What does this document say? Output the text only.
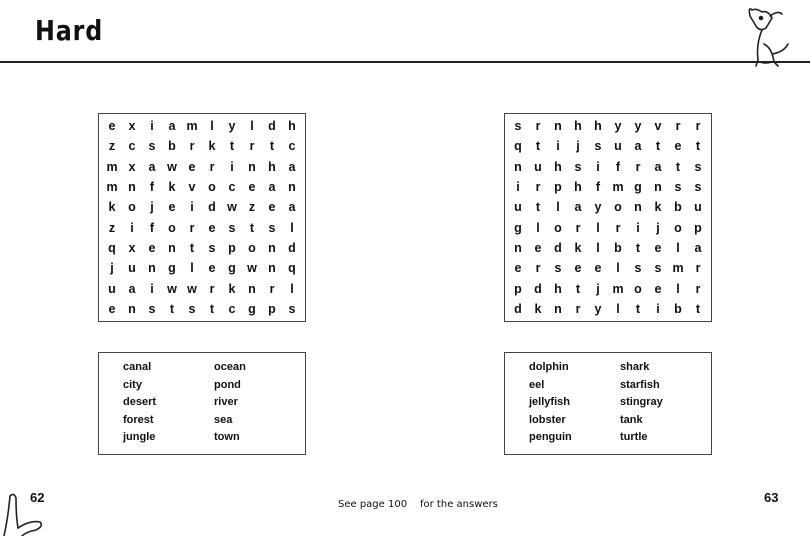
Hard
e	x	i	a m	l	y	l	d h
z	c	s	b	r	k	t	r	t	c
m x	a w e	r	i	n h	a
m n	f	k	v	o	c	e	a	n
k	o	j	e	i	d w z	e	a
z	i	f	o	r	e	s	t	s	l
q	x	e	n	t	s	p o n d
j	u n g	l	e	g w n q
u	a	i	w w	r	k	n	r	l
e	n	s	t	s	t	c	g p	s
s	r	n h h	y	y	v	r	r
q	t	i	j	s	u	a	t	e	t
n u h	s	i	f	r	a	t	s
i	r	p h	f m g n	s	s
u	t	l	a	y	o n	k	b u
g	l	o	r	l	r	i	j	o p
n	e	d	k	l	b	t	e	l	a
e	r	s	e	e	l	s	s m r
p d h	t	j	m o	e	l	r
d	k	n	r	y	l	t	i	b	t
canal
city
desert
forest
jungle
ocean
pond
river
sea
town
dolphin
eel
jellyfish
lobster
penguin
shark
starfish
stingray
tank
turtle
62	63
See page 100 for the answers
